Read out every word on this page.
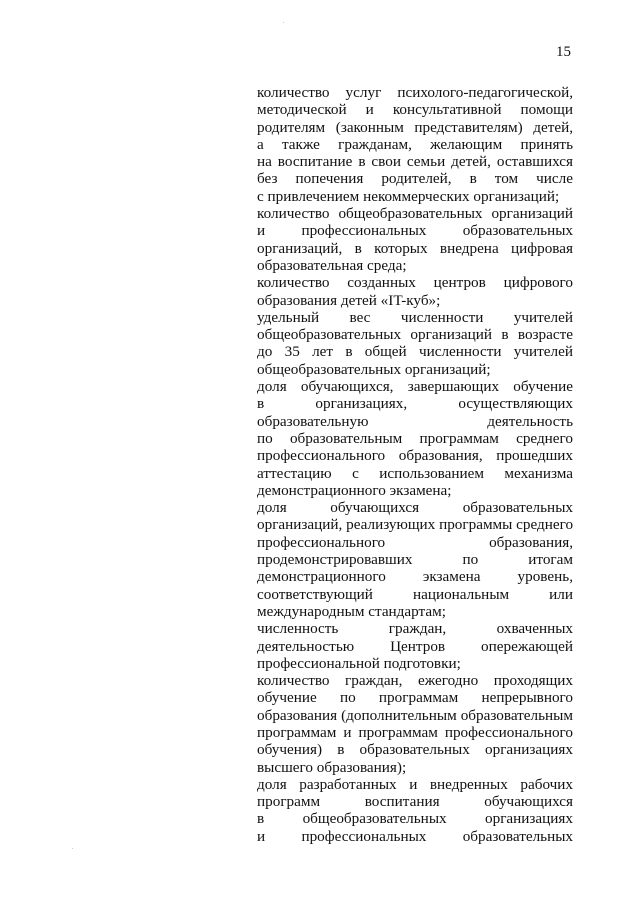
15
количество услуг психолого-педагогической,
методической и консультативной помощи
родителям (законным представителям) детей,
а также гражданам, желающим принять
на воспитание в свои семьи детей, оставшихся
без попечения родителей, в том числе
с привлечением некоммерческих организаций;
количество общеобразовательных организаций
и профессиональных образовательных
организаций, в которых внедрена цифровая
образовательная среда;
количество созданных центров цифрового
образования детей «IT-куб»;
удельный вес численности учителей
общеобразовательных организаций в возрасте
до 35 лет в общей численности учителей
общеобразовательных организаций;
доля обучающихся, завершающих обучение
в организациях, осуществляющих
образовательную деятельность
по образовательным программам среднего
профессионального образования, прошедших
аттестацию с использованием механизма
демонстрационного экзамена;
доля обучающихся образовательных
организаций, реализующих программы среднего
профессионального образования,
продемонстрировавших по итогам
демонстрационного экзамена уровень,
соответствующий национальным или
международным стандартам;
численность граждан, охваченных
деятельностью Центров опережающей
профессиональной подготовки;
количество граждан, ежегодно проходящих
обучение по программам непрерывного
образования (дополнительным образовательным
программам и программам профессионального
обучения) в образовательных организациях
высшего образования);
доля разработанных и внедренных рабочих
программ воспитания обучающихся
в общеобразовательных организациях
и профессиональных образовательных
